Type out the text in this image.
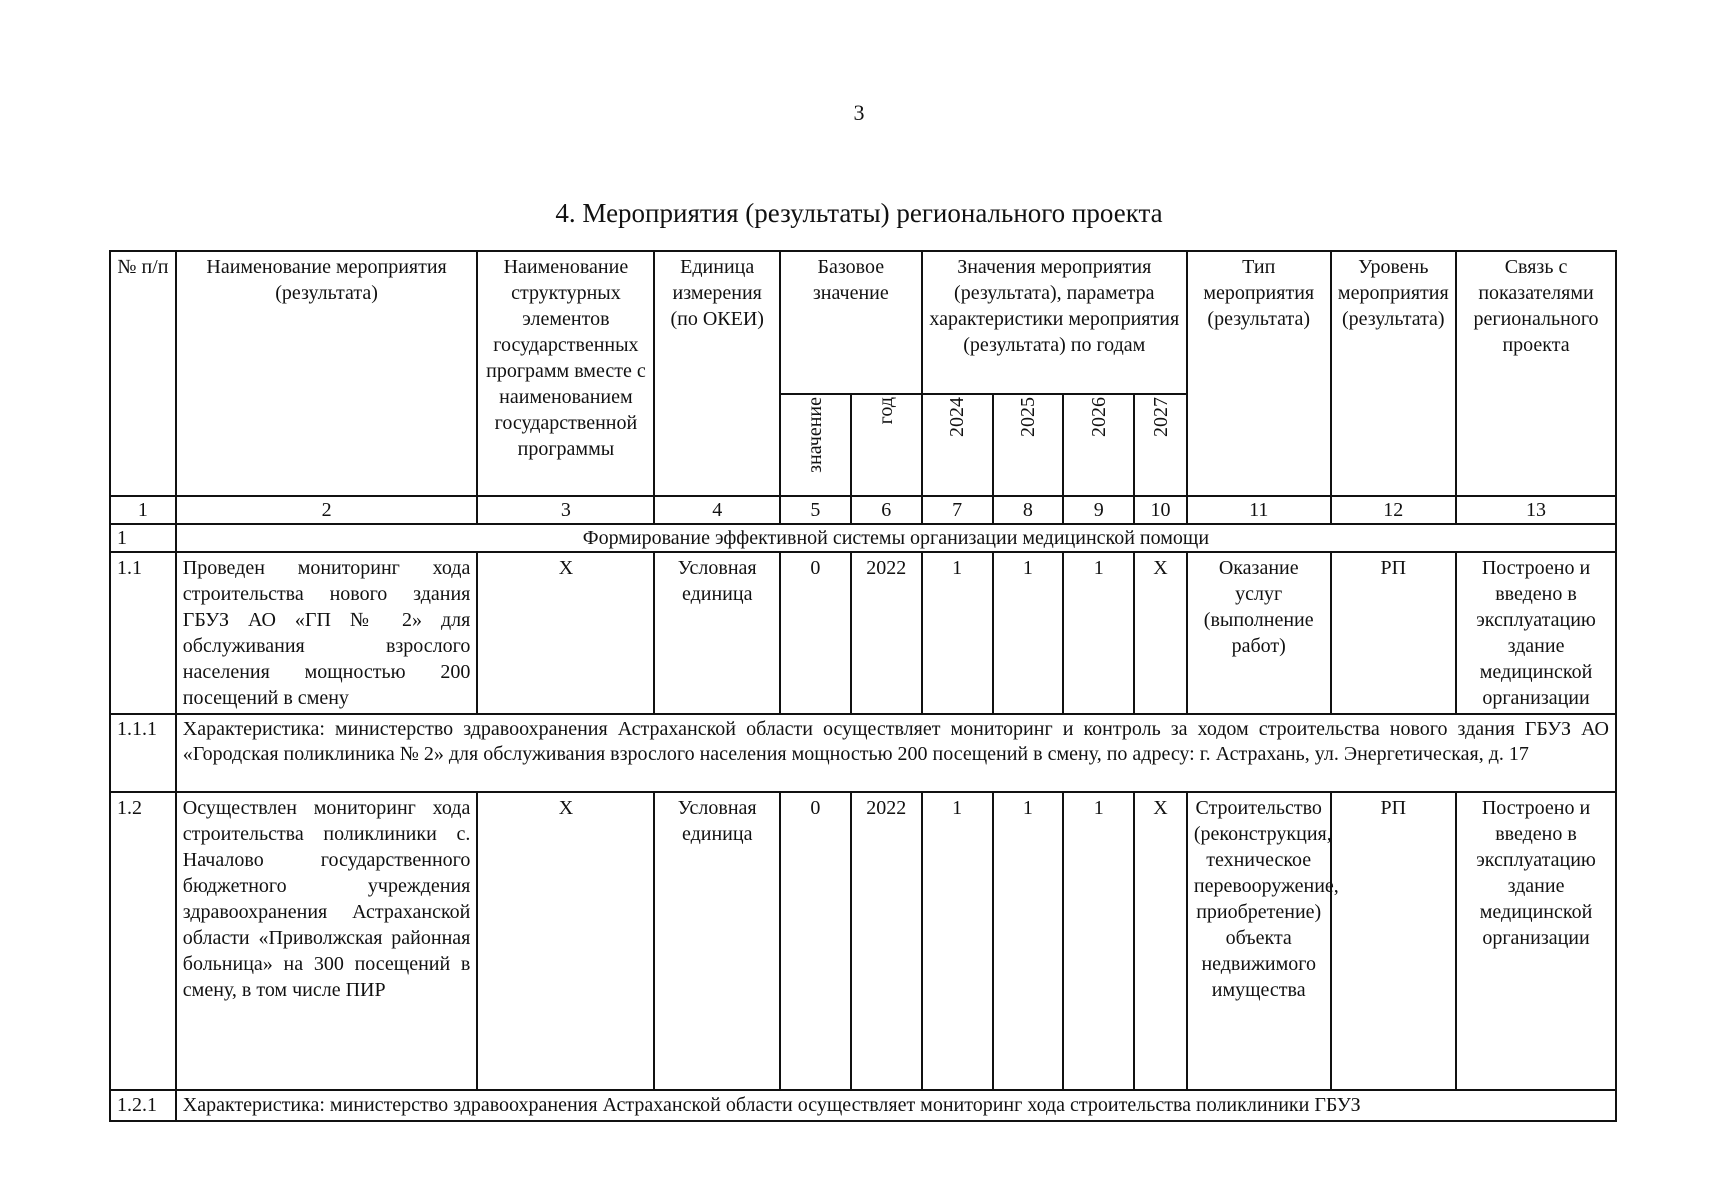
3
4. Мероприятия (результаты) регионального проекта
№ п/п	Наименование мероприятия (результата)	Наименование структурных элементов государственных программ вместе с наименованием государственной программы	Единица измерения (по ОКЕИ)	Базовое значение		Значения мероприятия (результата), параметра характеристики мероприятия (результата) по годам				Тип мероприятия (результата)	Уровень мероприятия (результата)	Связь с показателями регионального проекта
				значение	год	2024	2025	2026	2027			
1	2	3	4	5	6	7	8	9	10	11	12	13
1	Формирование эффективной системы организации медицинской помощи											
1.1	Проведен мониторинг хода строительства нового здания ГБУЗ АО «ГП № 2» для обслуживания взрослого населения мощностью 200 посещений в смену	X	Условная единица	0	2022	1	1	1	X	Оказание услуг (выполнение работ)	РП	Построено и введено в эксплуатацию здание медицинской организации
1.1.1	Характеристика: министерство здравоохранения Астраханской области осуществляет мониторинг и контроль за ходом строительства нового здания ГБУЗ АО «Городская поликлиника № 2» для обслуживания взрослого населения мощностью 200 посещений в смену, по адресу: г. Астрахань, ул. Энергетическая, д. 17											
1.2	Осуществлен мониторинг хода строительства поликлиники с. Началово государственного бюджетного учреждения здравоохранения Астраханской области «Приволжская районная больница» на 300 посещений в смену, в том числе ПИР	X	Условная единица	0	2022	1	1	1	X	Строительство (реконструкция, техническое перевооружение, приобретение) объекта недвижимого имущества	РП	Построено и введено в эксплуатацию здание медицинской организации
1.2.1	Характеристика: министерство здравоохранения Астраханской области осуществляет мониторинг хода строительства поликлиники ГБУЗ											
